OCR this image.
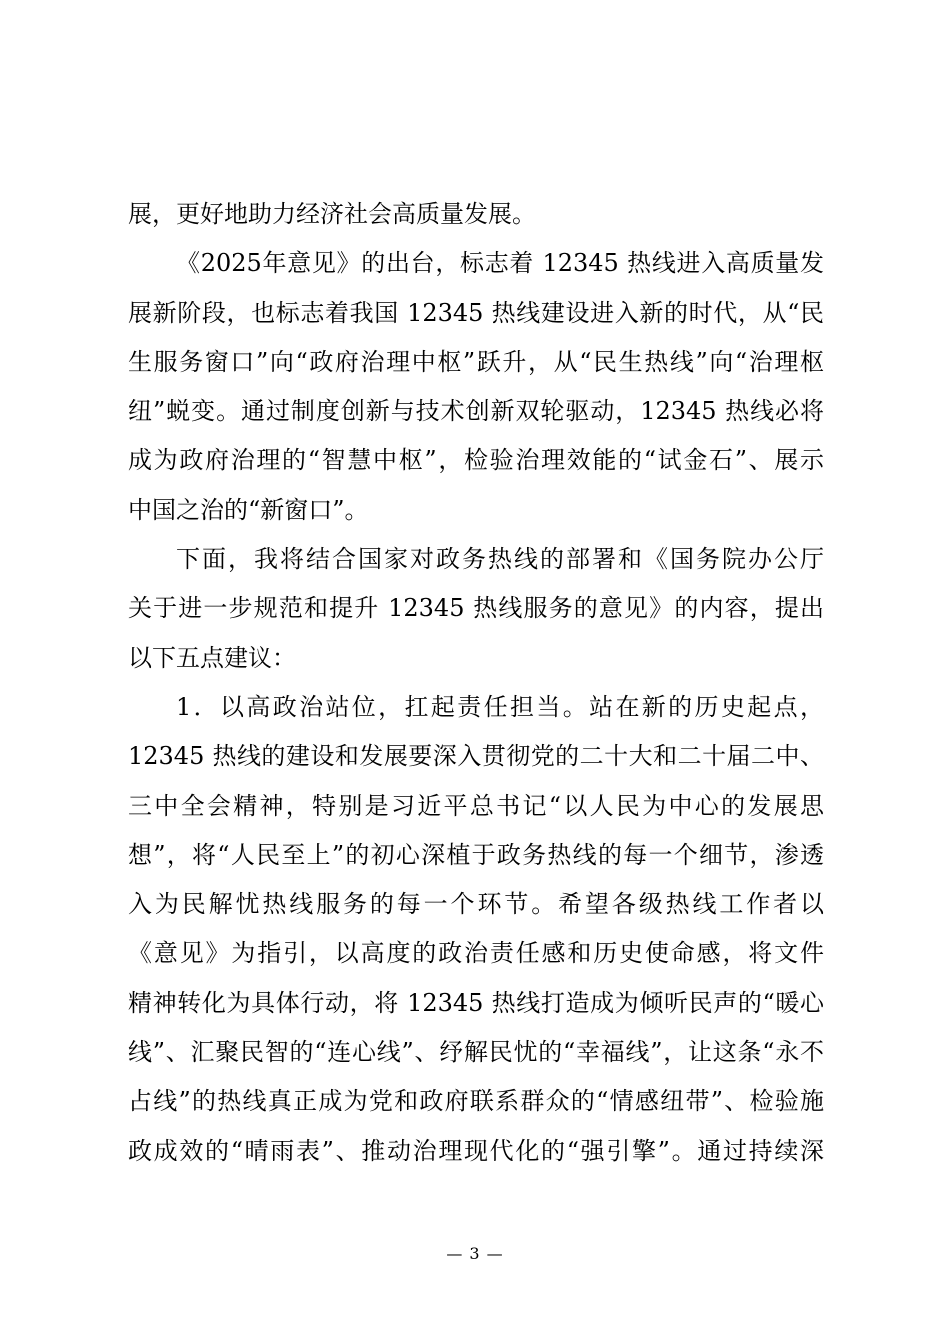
展，更好地助力经济社会高质量发展。
《2025年意见》的出台，标志着 12345 热线进入高质量发
展新阶段，也标志着我国 12345 热线建设进入新的时代，从“民
生服务窗口”向“政府治理中枢”跃升，从“民生热线”向“治理枢
纽”蜕变。通过制度创新与技术创新双轮驱动，12345 热线必将
成为政府治理的“智慧中枢”，检验治理效能的“试金石”、展示
中国之治的“新窗口”。
下面，我将结合国家对政务热线的部署和《国务院办公厅
关于进一步规范和提升 12345 热线服务的意见》的内容，提出
以下五点建议：
1．以高政治站位，扛起责任担当。站在新的历史起点，
12345 热线的建设和发展要深入贯彻党的二十大和二十届二中、
三中全会精神，特别是习近平总书记“以人民为中心的发展思
想”，将“人民至上”的初心深植于政务热线的每一个细节，渗透
入为民解忧热线服务的每一个环节。希望各级热线工作者以
《意见》为指引，以高度的政治责任感和历史使命感，将文件
精神转化为具体行动，将 12345 热线打造成为倾听民声的“暖心
线”、汇聚民智的“连心线”、纾解民忧的“幸福线”，让这条“永不
占线”的热线真正成为党和政府联系群众的“情感纽带”、检验施
政成效的“晴雨表”、推动治理现代化的“强引擎”。通过持续深
— 3 —
